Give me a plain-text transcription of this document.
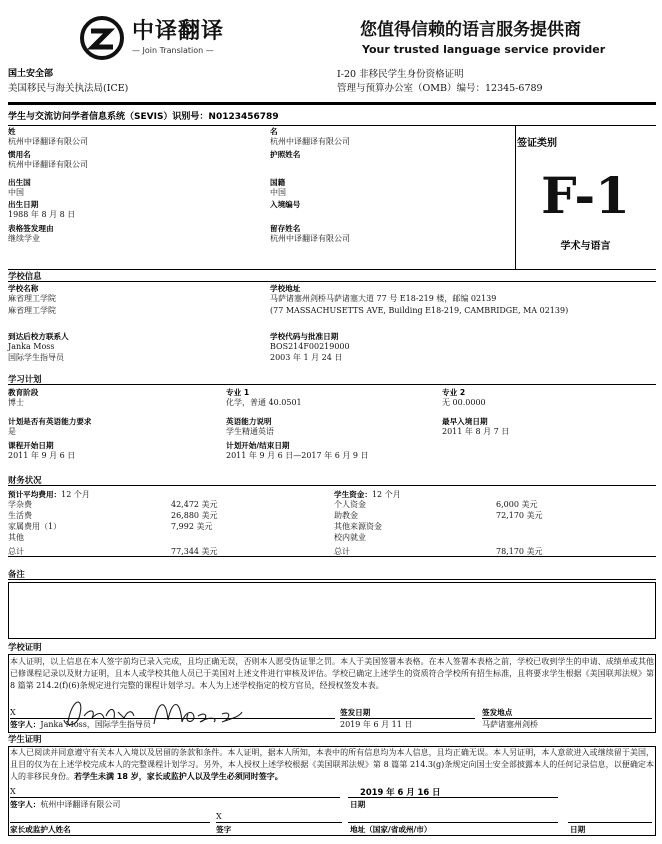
中译翻译
— Join Translation —
您值得信赖的语言服务提供商
Your trusted language service provider
国土安全部
美国移民与海关执法局(ICE)
I-20 非移民学生身份资格证明
管理与预算办公室（OMB）编号：12345-6789
学生与交流访问学者信息系统（SEVIS）识别号：N0123456789
姓
杭州中译翻译有限公司
惯用名
杭州中译翻译有限公司
出生国
中国
出生日期
1988 年 8 月 8 日
表格签发理由
继续学业
名
杭州中译翻译有限公司
护照姓名
国籍
中国
入境编号
留存姓名
杭州中译翻译有限公司
签证类别
F-1
学术与语言
学校信息
学校名称
麻省理工学院
麻省理工学院
到达后校方联系人
Janka Moss
国际学生指导员
学校地址
马萨诸塞州剑桥马萨诸塞大道 77 号 E18-219 楼，邮编 02139
(77 MASSACHUSETTS AVE, Building E18-219, CAMBRIDGE, MA 02139)
学校代码与批准日期
BOS214F00219000
2003 年 1 月 24 日
学习计划
教育阶段
博士
计划是否有英语能力要求
是
课程开始日期
2011 年 9 月 6 日
专业 1
化学，普通 40.0501
英语能力说明
学生精通英语
计划开始/结束日期
2011 年 9 月 6 日—2017 年 6 月 9 日
专业 2
无 00.0000
最早入境日期
2011 年 8 月 7 日
财务状况
预计平均费用：12 个月
学杂费	42,472 美元
生活费	26,880 美元
家属费用（1）	7,992 美元
其他
总计	77,344 美元
学生资金：12 个月
个人资金	6,000 美元
助教金	72,170 美元
其他来源资金
校内就业
总计	78,170 美元
备注
学校证明
本人证明，以上信息在本人签字前均已录入完成，且均正确无误，否则本人愿受伪证罪之罚。本人于美国签署本表格。在本人签署本表格之前，学校已收到学生的申请、成绩单或其他已修课程记录以及财力证明，且本人或学校其他人员已于美国对上述文件进行审核及评估。学校已确定上述学生的资质符合学校所有招生标准，且将要求学生根据《美国联邦法规》第 8 篇第 214.2(f)(6)条规定进行完整的课程计划学习。本人为上述学校指定的校方官员，经授权签发本表。
X
签字人：Janka Moss，国际学生指导员
签发日期
2019 年 6 月 11 日
签发地点
马萨诸塞州剑桥
学生证明
本人已阅读并同意遵守有关本人入境以及居留的条款和条件。本人证明，据本人所知，本表中的所有信息均为本人信息，且均正确无误。本人另证明，本人意欲进入或继续留于美国，且目的仅为在上述学校完成本人的完整课程计划学习。另外，本人授权上述学校根据《美国联邦法规》第 8 篇第 214.3(g)条规定向国土安全部披露本人的任何记录信息，以便确定本人的非移民身份。若学生未满 18 岁，家长或监护人以及学生必须同时签字。
X	2019 年 6 月 16 日
签字人：杭州中译翻译有限公司	日期
X
家长或监护人姓名	签字	地址（国家/省或州/市）	日期
